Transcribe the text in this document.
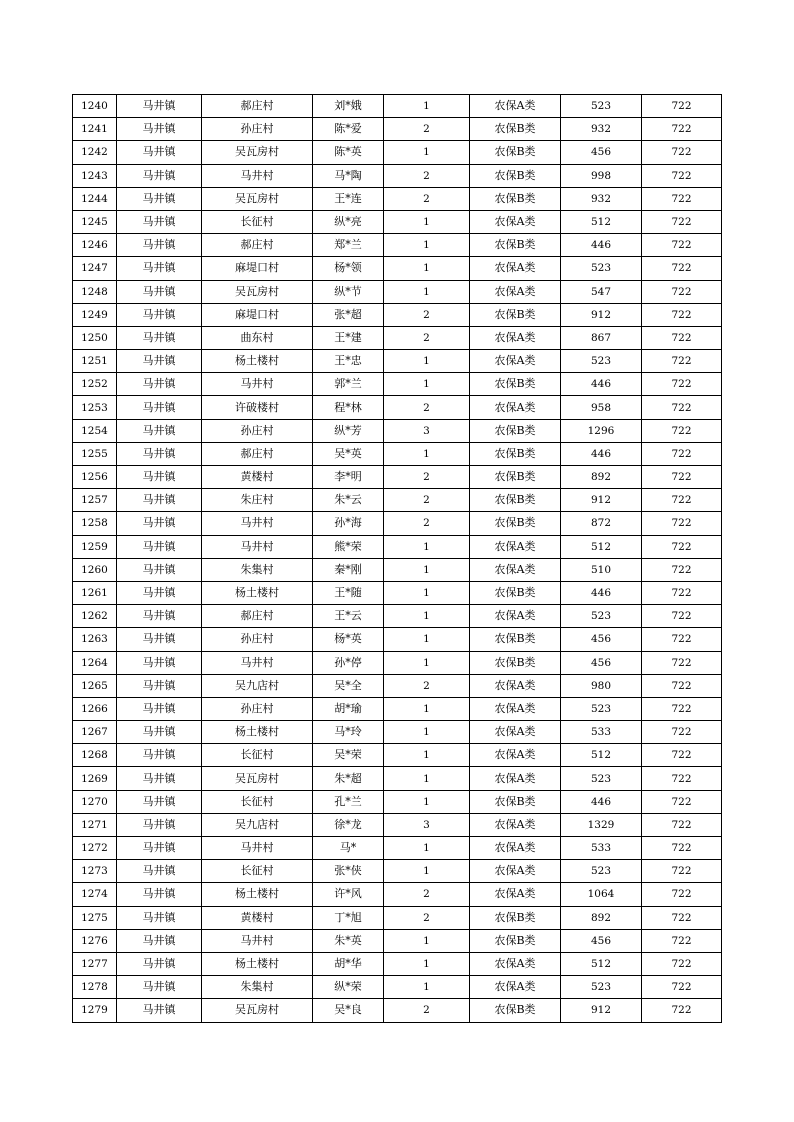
1240	马井镇	郝庄村	刘*娥	1	农保A类	523	722
1241	马井镇	孙庄村	陈*爱	2	农保B类	932	722
1242	马井镇	吴瓦房村	陈*英	1	农保B类	456	722
1243	马井镇	马井村	马*陶	2	农保B类	998	722
1244	马井镇	吴瓦房村	王*连	2	农保B类	932	722
1245	马井镇	长征村	纵*亮	1	农保A类	512	722
1246	马井镇	郝庄村	郑*兰	1	农保B类	446	722
1247	马井镇	麻堤口村	杨*领	1	农保A类	523	722
1248	马井镇	吴瓦房村	纵*节	1	农保A类	547	722
1249	马井镇	麻堤口村	张*超	2	农保B类	912	722
1250	马井镇	曲东村	王*建	2	农保A类	867	722
1251	马井镇	杨土楼村	王*忠	1	农保A类	523	722
1252	马井镇	马井村	郭*兰	1	农保B类	446	722
1253	马井镇	许破楼村	程*林	2	农保A类	958	722
1254	马井镇	孙庄村	纵*芳	3	农保B类	1296	722
1255	马井镇	郝庄村	吴*英	1	农保B类	446	722
1256	马井镇	黄楼村	李*明	2	农保B类	892	722
1257	马井镇	朱庄村	朱*云	2	农保B类	912	722
1258	马井镇	马井村	孙*海	2	农保B类	872	722
1259	马井镇	马井村	熊*荣	1	农保A类	512	722
1260	马井镇	朱集村	秦*刚	1	农保A类	510	722
1261	马井镇	杨土楼村	王*随	1	农保B类	446	722
1262	马井镇	郝庄村	王*云	1	农保A类	523	722
1263	马井镇	孙庄村	杨*英	1	农保B类	456	722
1264	马井镇	马井村	孙*停	1	农保B类	456	722
1265	马井镇	吴九店村	吴*全	2	农保A类	980	722
1266	马井镇	孙庄村	胡*瑜	1	农保A类	523	722
1267	马井镇	杨土楼村	马*玲	1	农保A类	533	722
1268	马井镇	长征村	吴*荣	1	农保A类	512	722
1269	马井镇	吴瓦房村	朱*超	1	农保A类	523	722
1270	马井镇	长征村	孔*兰	1	农保B类	446	722
1271	马井镇	吴九店村	徐*龙	3	农保A类	1329	722
1272	马井镇	马井村	马*	1	农保A类	533	722
1273	马井镇	长征村	张*侠	1	农保A类	523	722
1274	马井镇	杨土楼村	许*风	2	农保A类	1064	722
1275	马井镇	黄楼村	丁*旭	2	农保B类	892	722
1276	马井镇	马井村	朱*英	1	农保B类	456	722
1277	马井镇	杨土楼村	胡*华	1	农保A类	512	722
1278	马井镇	朱集村	纵*荣	1	农保A类	523	722
1279	马井镇	吴瓦房村	吴*良	2	农保B类	912	722
